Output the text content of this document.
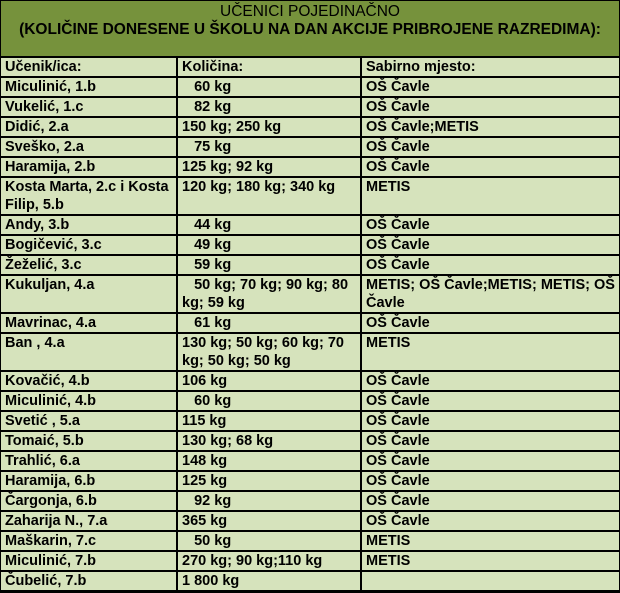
UČENICI POJEDINAČNO
(KOLIČINE DONESENE U ŠKOLU NA DAN AKCIJE PRIBROJENE RAZREDIMA):
Učenik/ica:	Količina:	Sabirno mjesto:
Miculinić, 1.b	60 kg	OŠ Čavle
Vukelić, 1.c	82 kg	OŠ Čavle
Didić, 2.a	150 kg; 250 kg	OŠ Čavle;METIS
Sveško, 2.a	75 kg	OŠ Čavle
Haramija, 2.b	125 kg; 92 kg	OŠ Čavle
Kosta Marta, 2.c i Kosta Filip, 5.b	120 kg; 180 kg; 340 kg	METIS
Andy, 3.b	44 kg	OŠ Čavle
Bogičević, 3.c	49 kg	OŠ Čavle
Žeželić, 3.c	59 kg	OŠ Čavle
Kukuljan, 4.a	50 kg; 70 kg; 90 kg; 80 kg; 59 kg	METIS; OŠ Čavle;METIS; METIS; OŠ Čavle
Mavrinac, 4.a	61 kg	OŠ Čavle
Ban , 4.a	130 kg; 50 kg; 60 kg; 70 kg; 50 kg; 50 kg	METIS
Kovačić, 4.b	106 kg	OŠ Čavle
Miculinić, 4.b	60 kg	OŠ Čavle
Svetić , 5.a	115 kg	OŠ Čavle
Tomaić, 5.b	130 kg; 68 kg	OŠ Čavle
Trahlić, 6.a	148 kg	OŠ Čavle
Haramija, 6.b	125 kg	OŠ Čavle
Čargonja, 6.b	92 kg	OŠ Čavle
Zaharija N., 7.a	365 kg	OŠ Čavle
Maškarin, 7.c	50 kg	METIS
Miculinić, 7.b	270 kg; 90 kg;110 kg	METIS
Čubelić, 7.b	1 800 kg	
